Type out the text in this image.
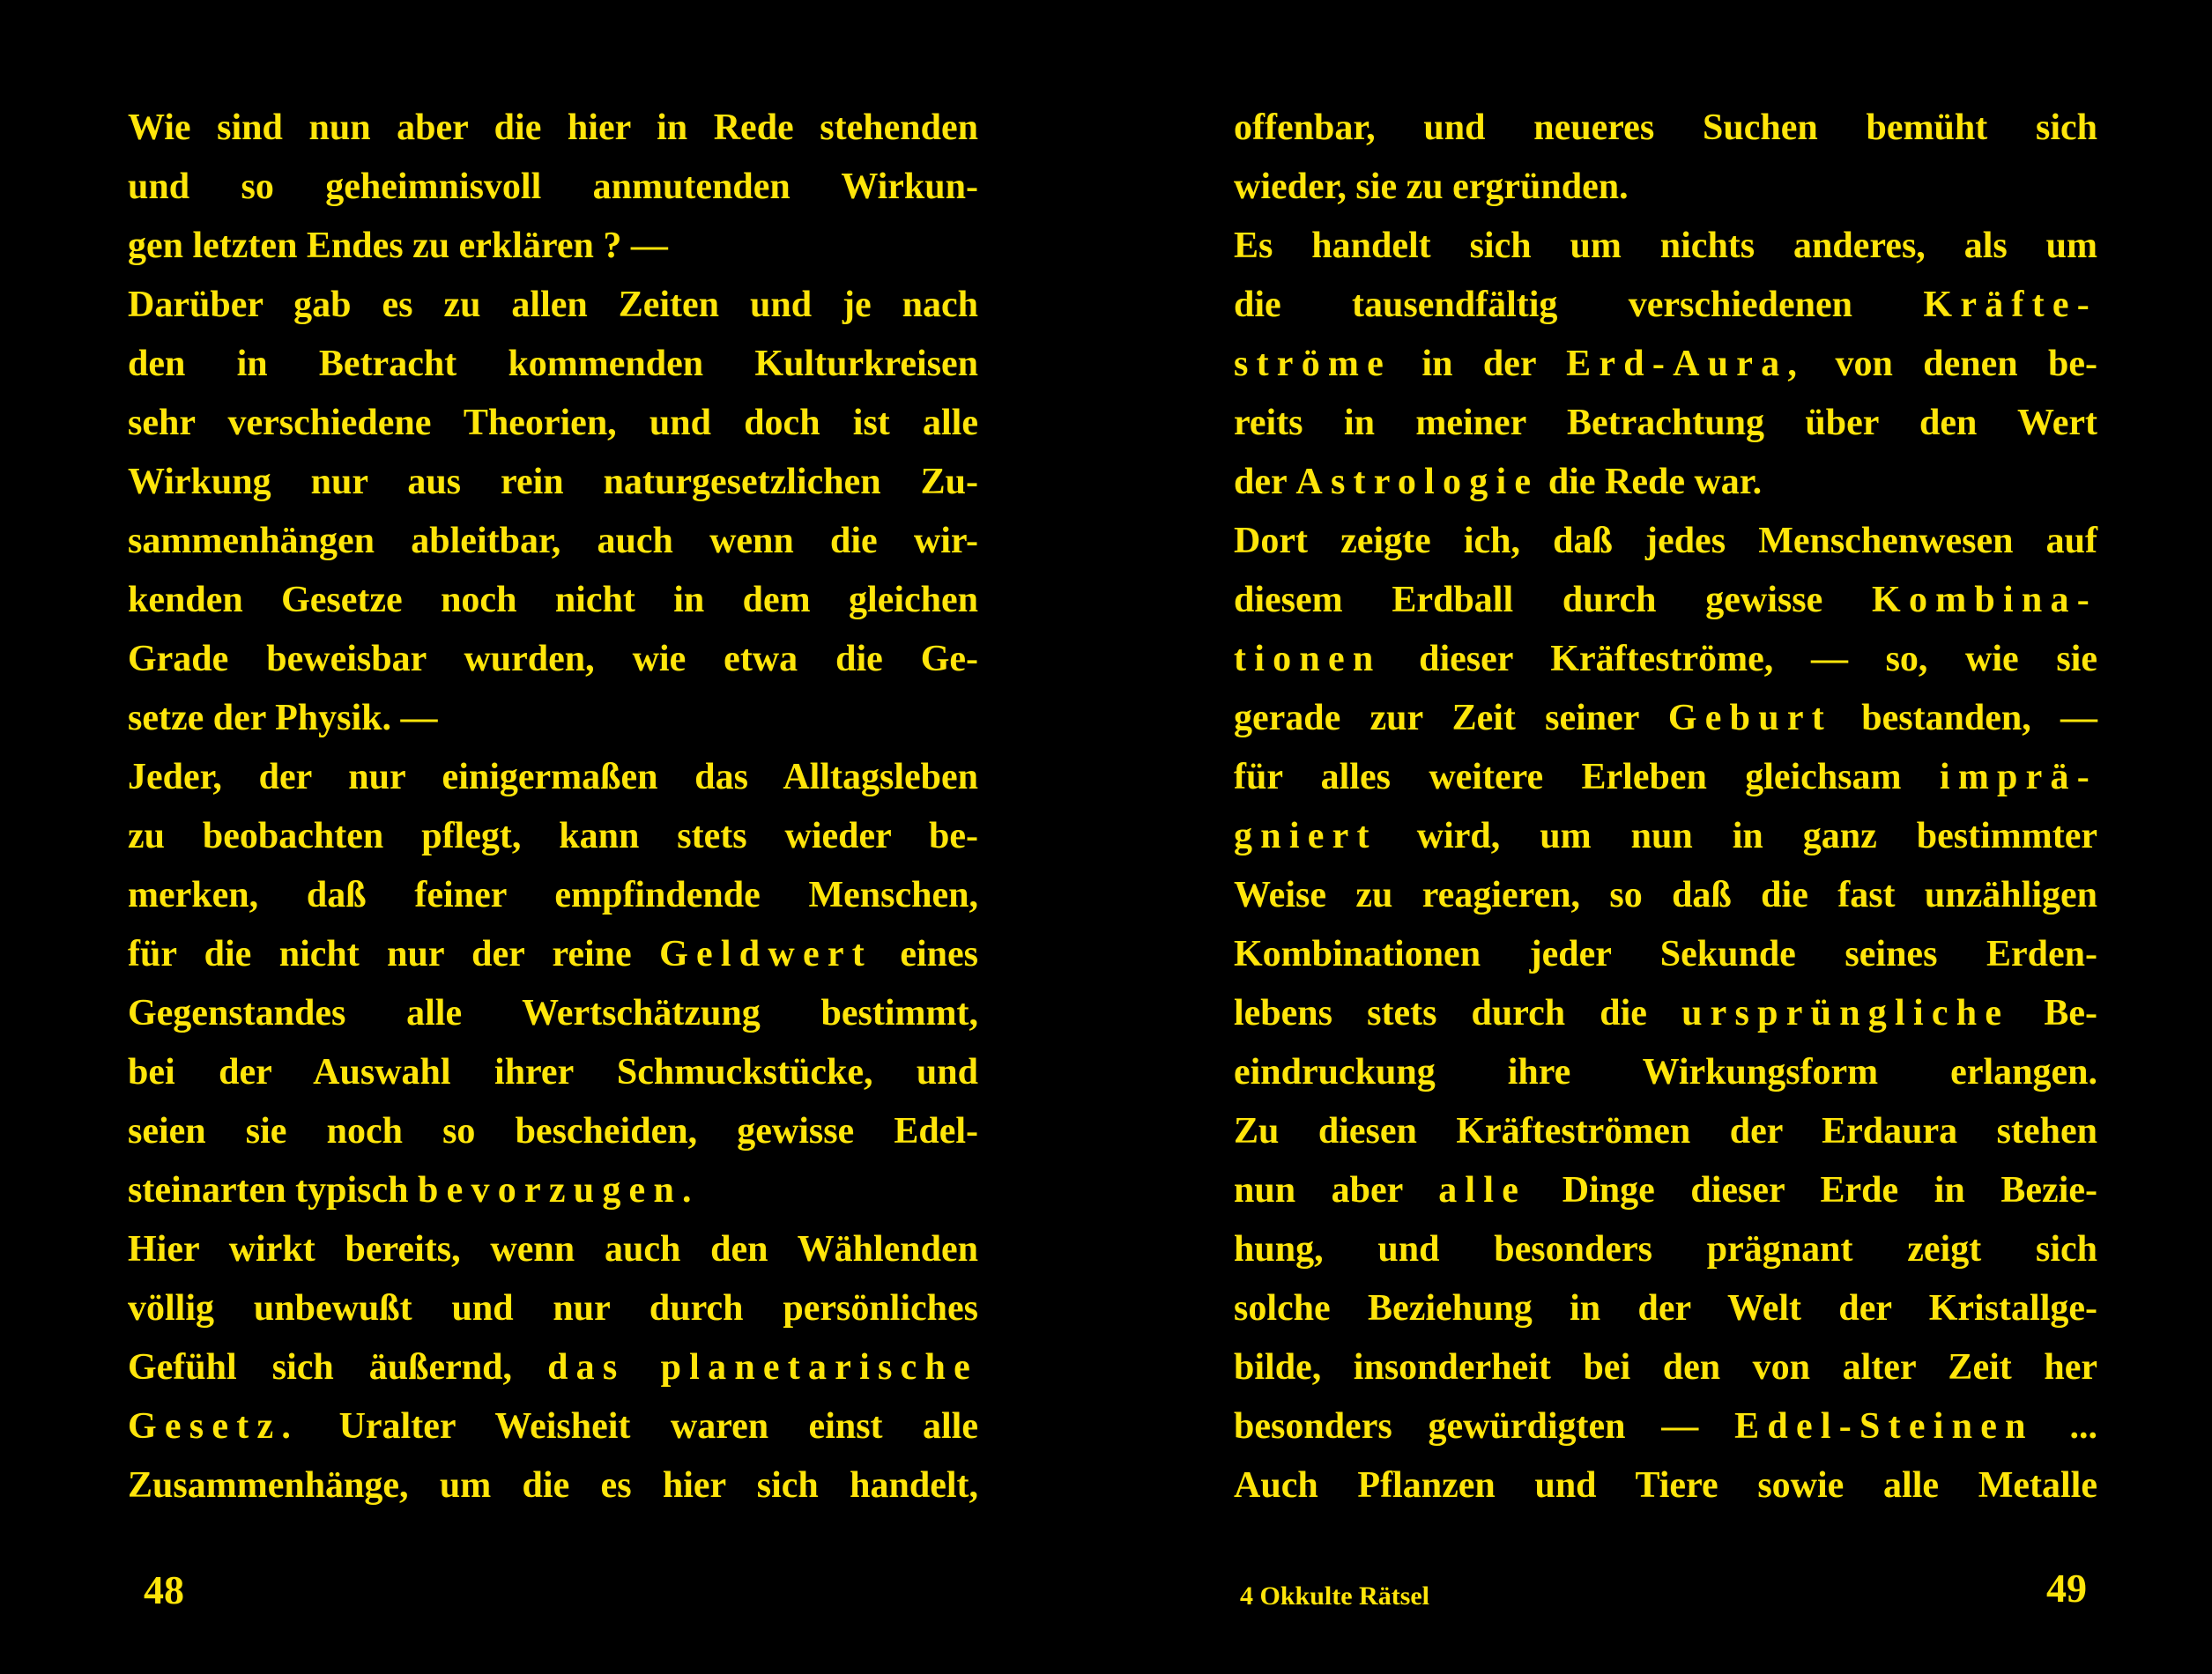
Wie sind nun aber die hier in Rede stehenden
und so geheimnisvoll anmutenden Wirkun-
gen letzten Endes zu erklären ? —
Darüber gab es zu allen Zeiten und je nach
den in Betracht kommenden Kulturkreisen
sehr verschiedene Theorien, und doch ist alle
Wirkung nur aus rein naturgesetzlichen Zu-
sammenhängen ableitbar, auch wenn die wir-
kenden Gesetze noch nicht in dem gleichen
Grade beweisbar wurden, wie etwa die Ge-
setze der Physik. —
Jeder, der nur einigermaßen das Alltagsleben
zu beobachten pflegt, kann stets wieder be-
merken, daß feiner empfindende Menschen,
für die nicht nur der reine Geldwert eines
Gegenstandes alle Wertschätzung bestimmt,
bei der Auswahl ihrer Schmuckstücke, und
seien sie noch so bescheiden, gewisse Edel-
steinarten typisch bevorzugen.
Hier wirkt bereits, wenn auch den Wählenden
völlig unbewußt und nur durch persönliches
Gefühl sich äußernd, das planetarische
Gesetz. Uralter Weisheit waren einst alle
Zusammenhänge, um die es hier sich handelt,
offenbar, und neueres Suchen bemüht sich
wieder, sie zu ergründen.
Es handelt sich um nichts anderes, als um
die tausendfältig verschiedenen Kräfte-
ströme in der Erd-Aura, von denen be-
reits in meiner Betrachtung über den Wert
der Astrologie die Rede war.
Dort zeigte ich, daß jedes Menschenwesen auf
diesem Erdball durch gewisse Kombina-
tionen dieser Kräfteströme, — so, wie sie
gerade zur Zeit seiner Geburt bestanden, —
für alles weitere Erleben gleichsam imprä-
gniert wird, um nun in ganz bestimmter
Weise zu reagieren, so daß die fast unzähligen
Kombinationen jeder Sekunde seines Erden-
lebens stets durch die ursprüngliche Be-
eindruckung ihre Wirkungsform erlangen.
Zu diesen Kräfteströmen der Erdaura stehen
nun aber alle Dinge dieser Erde in Bezie-
hung, und besonders prägnant zeigt sich
solche Beziehung in der Welt der Kristallge-
bilde, insonderheit bei den von alter Zeit her
besonders gewürdigten — Edel-Steinen ...
Auch Pflanzen und Tiere sowie alle Metalle
48	4 Okkulte Rätsel	49
